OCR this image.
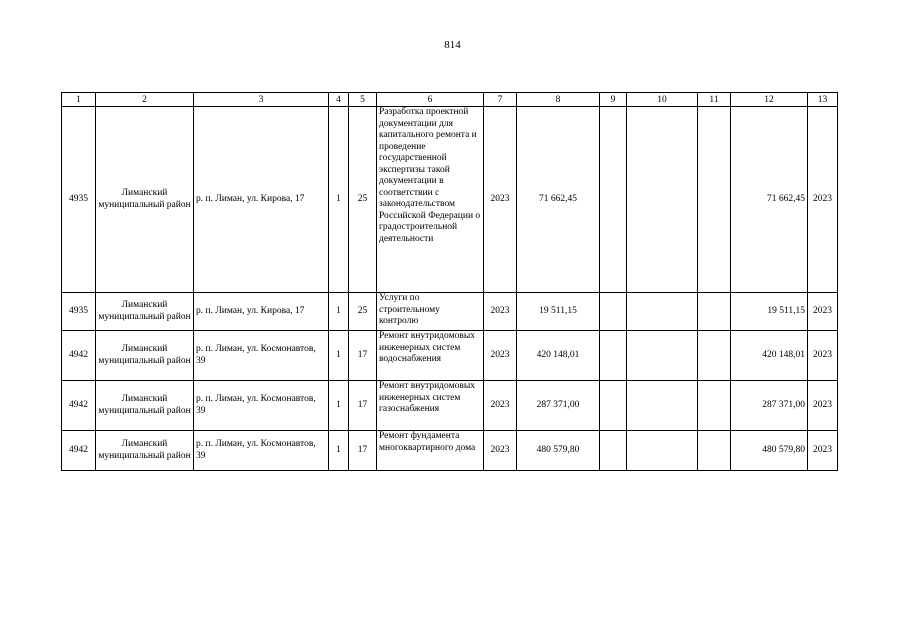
814
1	2	3	4	5	6	7	8	9	10	11	12	13
4935	Лиманский муниципальный район	р. п. Лиман, ул. Кирова, 17	1	25	Разработка проектной документации для капитального ремонта и проведение государственной экспертизы такой документации в соответствии с законодательством Российской Федерации о градостроительной деятельности	2023	71 662,45				71 662,45	2023
4935	Лиманский муниципальный район	р. п. Лиман, ул. Кирова, 17	1	25	Услуги по строительному контролю	2023	19 511,15				19 511,15	2023
4942	Лиманский муниципальный район	р. п. Лиман, ул. Космонавтов, 39	1	17	Ремонт внутридомовых инженерных систем водоснабжения	2023	420 148,01				420 148,01	2023
4942	Лиманский муниципальный район	р. п. Лиман, ул. Космонавтов, 39	1	17	Ремонт внутридомовых инженерных систем газоснабжения	2023	287 371,00				287 371,00	2023
4942	Лиманский муниципальный район	р. п. Лиман, ул. Космонавтов, 39	1	17	Ремонт фундамента многоквартирного дома	2023	480 579,80				480 579,80	2023
